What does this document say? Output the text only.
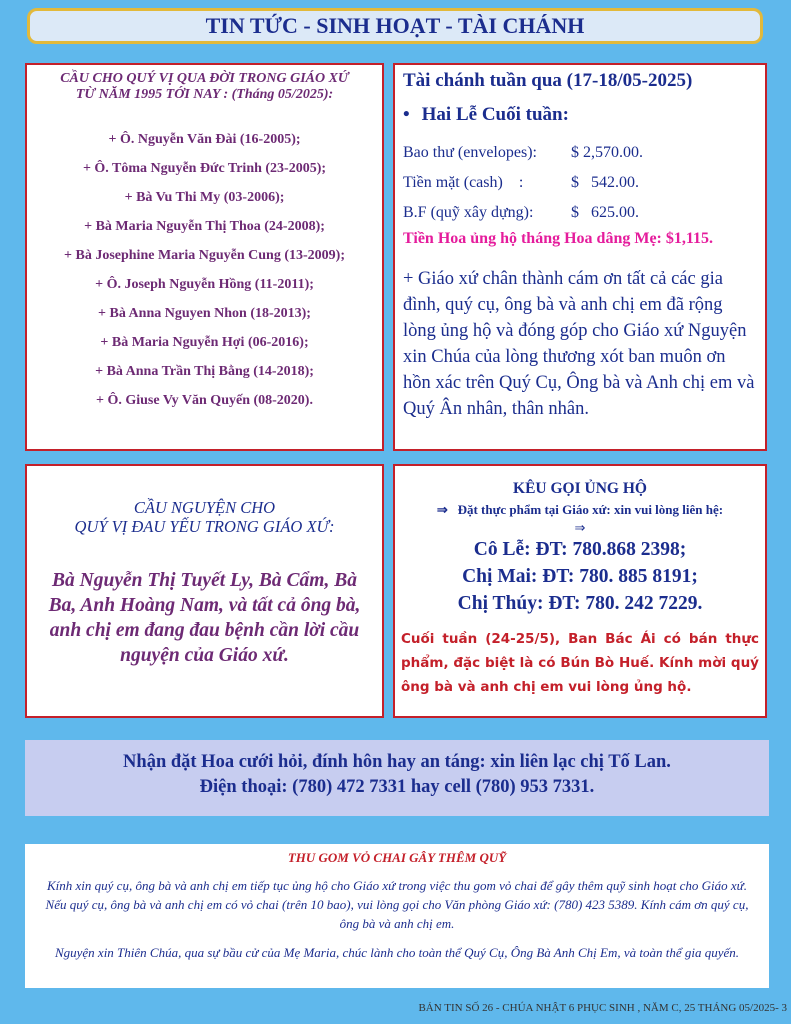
TIN TỨC - SINH HOẠT - TÀI CHÁNH
CẦU CHO QUÝ VỊ QUA ĐỜI TRONG GIÁO XỨ
TỪ NĂM 1995 TỚI NAY : (Tháng 05/2025):
+ Ô. Nguyễn Văn Đài (16-2005);
+ Ô. Tôma Nguyễn Đức Trinh (23-2005);
+ Bà Vu Thi My (03-2006);
+ Bà Maria Nguyễn Thị Thoa (24-2008);
+ Bà Josephine Maria Nguyễn Cung (13-2009);
+ Ô. Joseph Nguyễn Hồng (11-2011);
+ Bà Anna Nguyen Nhon (18-2013);
+ Bà Maria Nguyễn Hợi (06-2016);
+ Bà Anna Trần Thị Bằng (14-2018);
+ Ô. Giuse Vy Văn Quyến (08-2020).
Tài chánh tuần qua (17-18/05-2025)
• Hai Lễ Cuối tuần:
Bao thư (envelopes): $ 2,570.00.
Tiền mặt (cash)    :	$   542.00.
B.F (quỹ xây dựng): $   625.00.
Tiền Hoa ủng hộ tháng Hoa dâng Mẹ: $1,115.
+ Giáo xứ chân thành cám ơn tất cả các gia đình, quý cụ, ông bà và anh chị em đã rộng lòng ủng hộ và đóng góp cho Giáo xứ Nguyện xin Chúa của lòng thương xót ban muôn ơn hồn xác trên Quý Cụ, Ông bà và Anh chị em và Quý Ân nhân, thân nhân.
CẦU NGUYỆN CHO
QUÝ VỊ ĐAU YẾU TRONG GIÁO XỨ:
Bà Nguyễn Thị Tuyết Ly, Bà Cẩm, Bà Ba, Anh Hoàng Nam, và tất cả ông bà, anh chị em đang đau bệnh cần lời cầu nguyện của Giáo xứ.
KÊU GỌI ỦNG HỘ
⇒ Đặt thực phẩm tại Giáo xứ: xin vui lòng liên hệ:
⇒
Cô Lễ: ĐT: 780.868 2398;
Chị Mai: ĐT: 780. 885 8191;
Chị Thúy: ĐT: 780. 242 7229.
Cuối tuần (24-25/5), Ban Bác Ái có bán thực phẩm, đặc biệt là có Bún Bò Huế. Kính mời quý ông bà và anh chị em vui lòng ủng hộ.
Nhận đặt Hoa cưới hỏi, đính hôn hay an táng: xin liên lạc chị Tố Lan.
Điện thoại: (780) 472 7331 hay cell (780) 953 7331.
THU GOM VỎ CHAI GÂY THÊM QUỸ

Kính xin quý cụ, ông bà và anh chị em tiếp tục ủng hộ cho Giáo xứ trong việc thu gom vỏ chai để gây thêm quỹ sinh hoạt cho Giáo xứ. Nếu quý cụ, ông bà và anh chị em có vỏ chai (trên 10 bao), vui lòng gọi cho Văn phòng Giáo xứ: (780) 423 5389. Kính cám ơn quý cụ, ông bà và anh chị em.

Nguyện xin Thiên Chúa, qua sự bầu cử của Mẹ Maria, chúc lành cho toàn thể Quý Cụ, Ông Bà Anh Chị Em, và toàn thể gia quyến.

BẢN TIN SỐ 26 - CHÚA NHẬT 6 PHỤC SINH , NĂM C, 25 THÁNG 05/2025- 3
